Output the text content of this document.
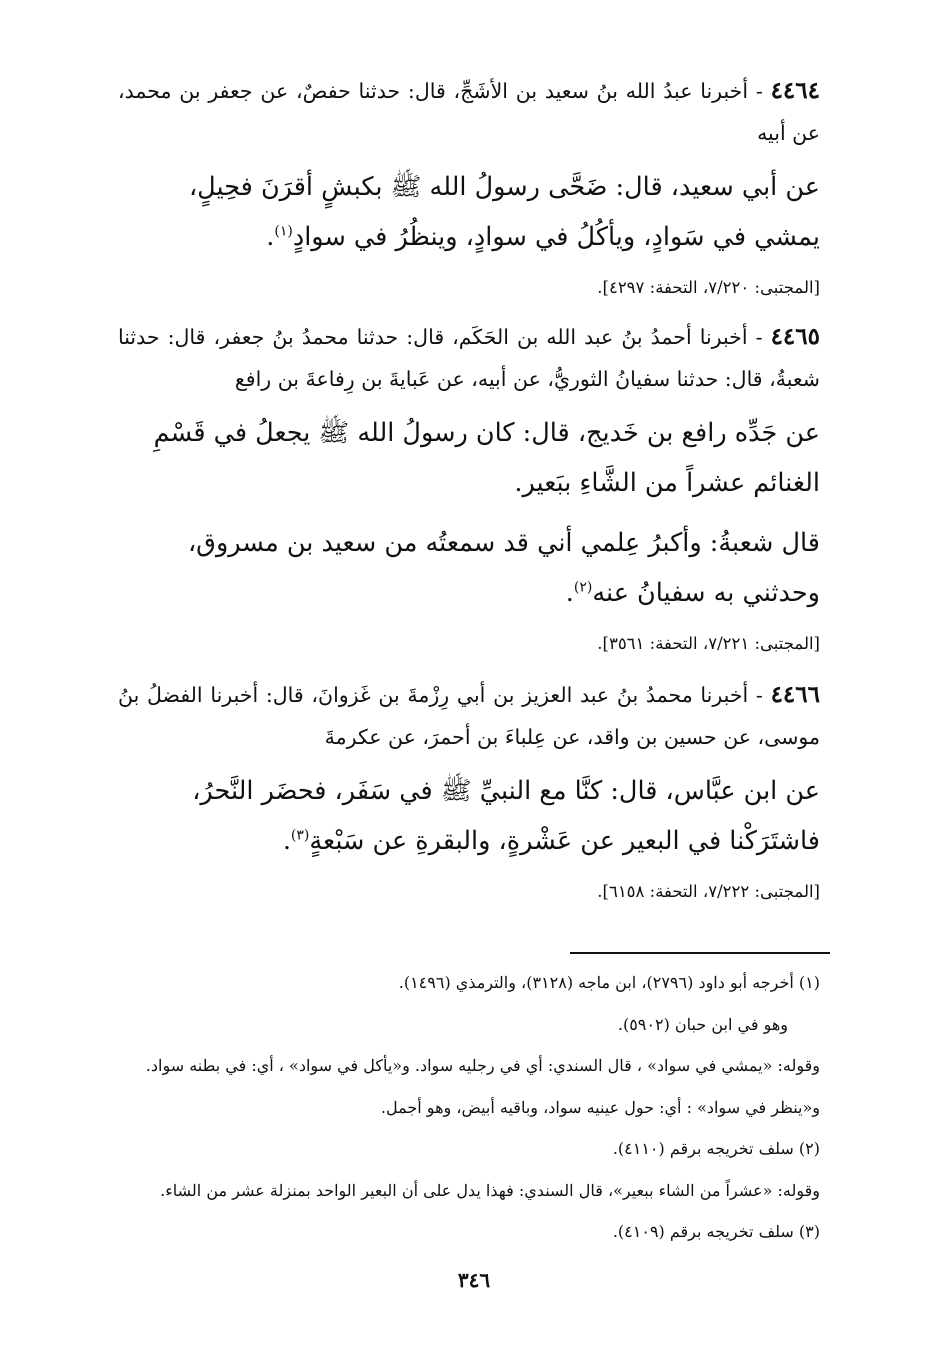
٤٤٦٤ - أخبرنا عبدُ الله بنُ سعيد بن الأشَجِّ، قال: حدثنا حفصٌ، عن جعفر بن محمد، عن أبيه

عن أبي سعيد، قال: ضَحَّى رسولُ الله ﷺ بكبشٍ أقرَنَ فحِيلٍ، يمشي في سَوادٍ، ويأكُلُ في سوادٍ، وينظُرُ في سوادٍ$^{(١)}$.

[المجتبى: ٧/٢٢٠، التحفة: ٤٢٩٧].
٤٤٦٥ - أخبرنا أحمدُ بنُ عبد الله بن الحَكَم، قال: حدثنا محمدُ بنُ جعفر، قال: حدثنا شعبةُ، قال: حدثنا سفيانُ الثوريُّ، عن أبيه، عن عَبايةَ بن رِفاعةَ بن رافع

عن جَدِّه رافع بن خَديج، قال: كان رسولُ الله ﷺ يجعلُ في قَسْمِ الغنائم عشراً من الشَّاءِ ببَعير.

قال شعبةُ: وأكبرُ عِلمي أني قد سمعتُه من سعيد بن مسروق، وحدثني به سفيانُ عنه$^{(٢)}$.

[المجتبى: ٧/٢٢١، التحفة: ٣٥٦١].
٤٤٦٦ - أخبرنا محمدُ بنُ عبد العزيز بن أبي رِزْمةَ بن غَزوانَ، قال: أخبرنا الفضلُ بنُ موسى، عن حسين بن واقد، عن عِلباءَ بن أحمرَ، عن عكرمةَ

عن ابن عبَّاس، قال: كنَّا مع النبيِّ ﷺ في سَفَر، فحضَر النَّحرُ، فاشتَرَكْنا في البعير عن عَشْرةٍ، والبقرةِ عن سَبْعةٍ$^{(٣)}$.

[المجتبى: ٧/٢٢٢، التحفة: ٦١٥٨].
(١) أخرجه أبو داود (٢٧٩٦)، ابن ماجه (٣١٢٨)، والترمذي (١٤٩٦).
وهو في ابن حبان (٥٩٠٢).
وقوله: «يمشي في سواد» ، قال السندي: أي في رجليه سواد. و«يأكل في سواد» ، أي: في بطنه سواد.
و«ينظر في سواد» : أي: حول عينيه سواد، وباقيه أبيض، وهو أجمل.
(٢) سلف تخريجه برقم (٤١١٠).
وقوله: «عشراً من الشاء ببعير»، قال السندي: فهذا يدل على أن البعير الواحد بمنزلة عشر من الشاء.
(٣) سلف تخريجه برقم (٤١٠٩).
٣٤٦
